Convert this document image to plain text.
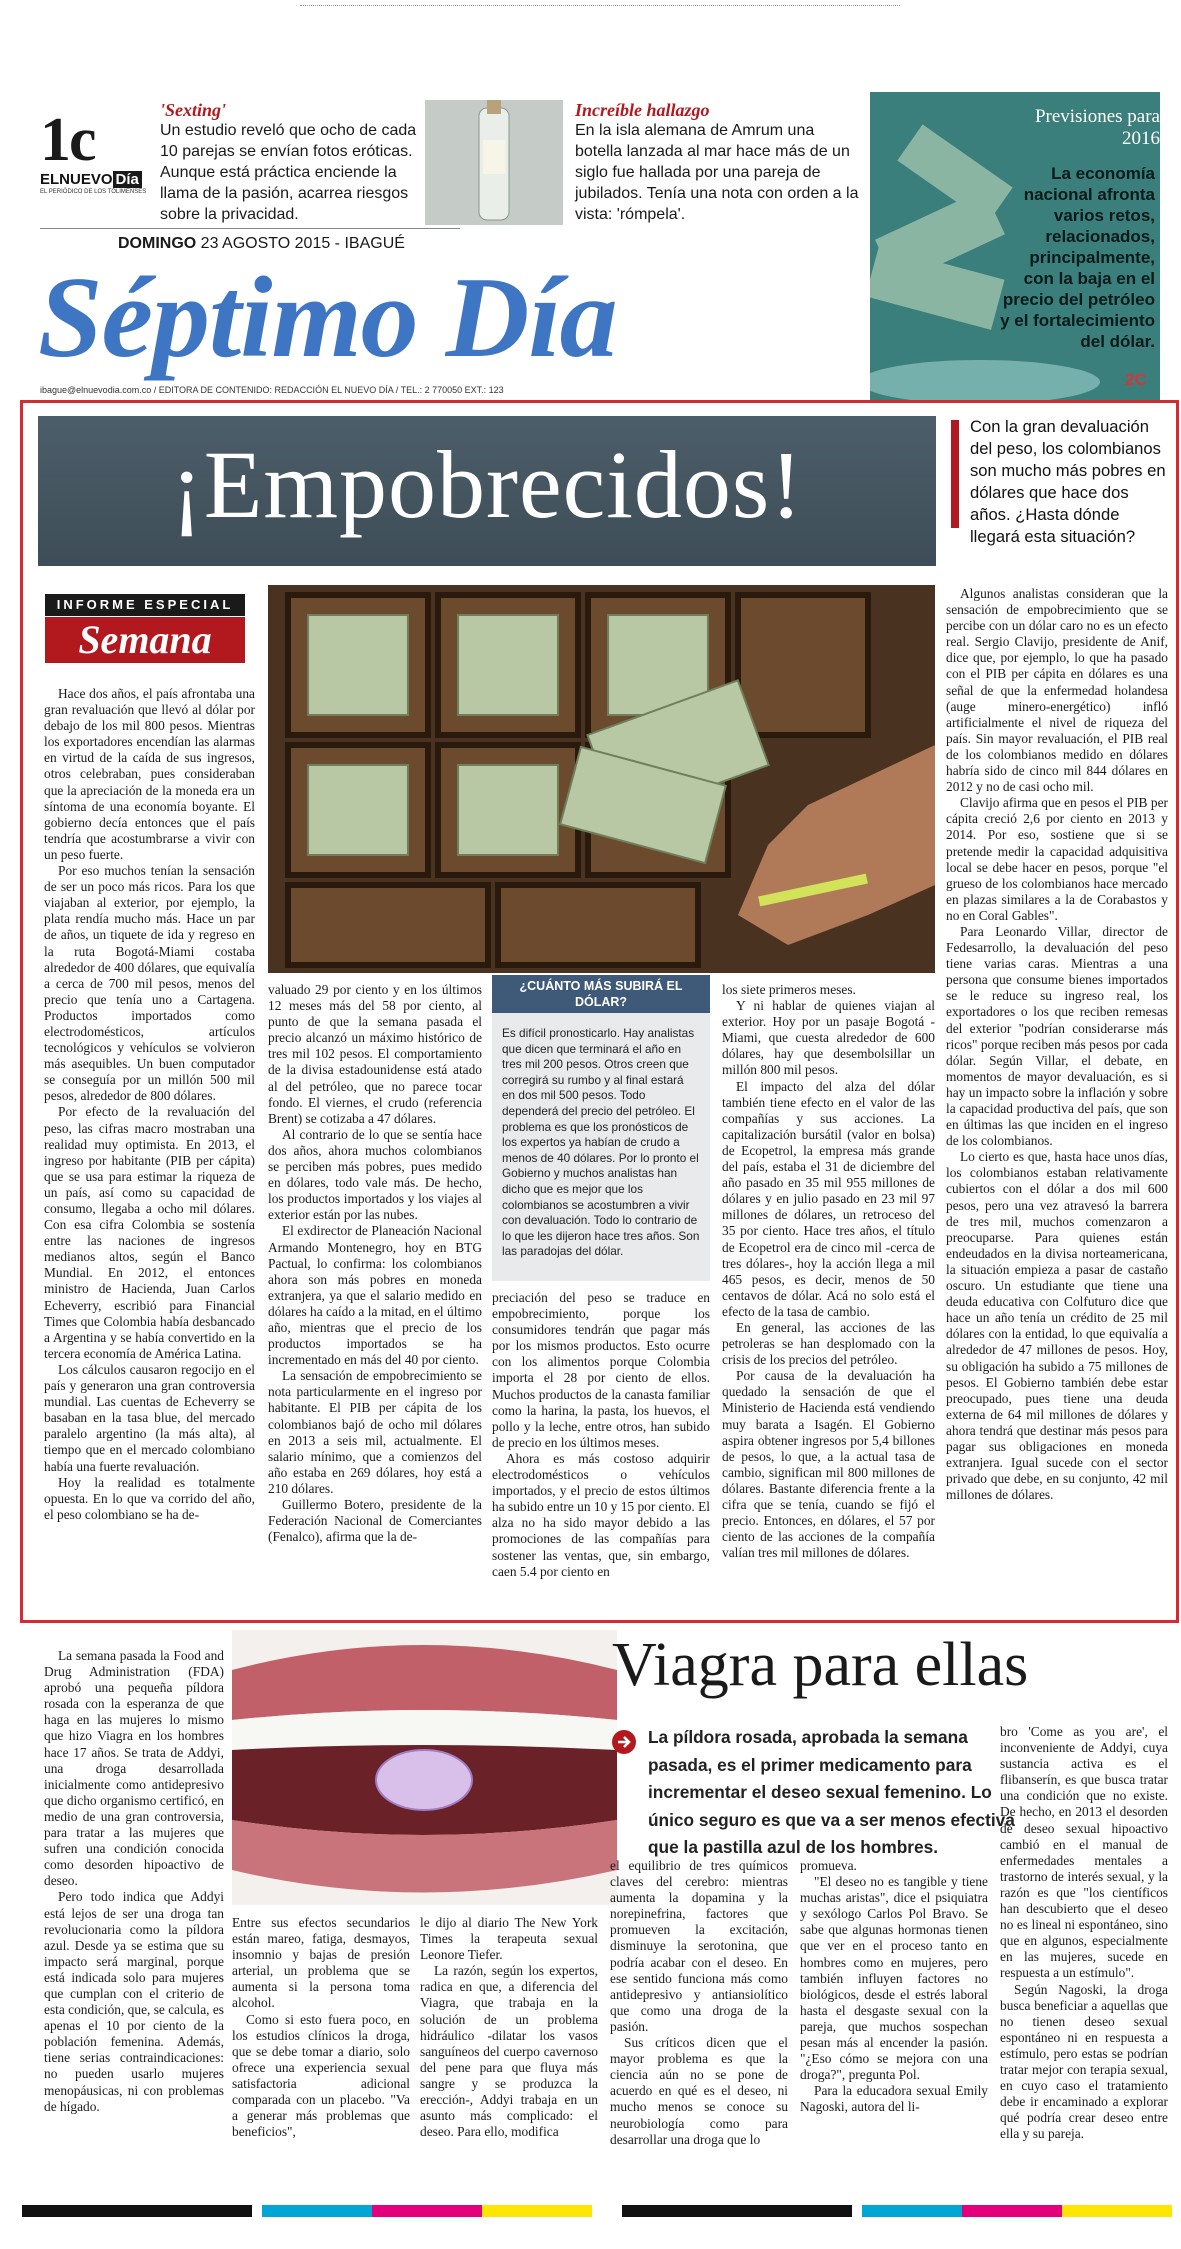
1c
ELNUEVO Día
EL PERIÓDICO DE LOS TOLIMENSES
'Sexting'
Un estudio reveló que ocho de cada 10 parejas se envían fotos eróticas. Aunque está práctica enciende la llama de la pasión, acarrea riesgos sobre la privacidad.
Increíble hallazgo
En la isla alemana de Amrum una botella lanzada al mar hace más de un siglo fue hallada por una pareja de jubilados. Tenía una nota con orden a la vista: 'rómpela'.
DOMINGO 23 AGOSTO 2015 - IBAGUÉ
Séptimo Día
ibague@elnuevodia.com.co / EDITORA DE CONTENIDO: REDACCIÓN EL NUEVO DÍA / TEL.: 2 770050 EXT.: 123
Previsiones para 2016
La economía nacional afronta varios retos, relacionados, principalmente, con la baja en el precio del petróleo y el fortalecimiento del dólar.
2C
¡Empobrecidos!
Con la gran devaluación del peso, los colombianos son mucho más pobres en dólares que hace dos años. ¿Hasta dónde llegará esta situación?
INFORME ESPECIAL
Semana
¿CUÁNTO MÁS SUBIRÁ EL DÓLAR?
Es difícil pronosticarlo. Hay analistas que dicen que terminará el año en tres mil 200 pesos. Otros creen que corregirá su rumbo y al final estará en dos mil 500 pesos. Todo dependerá del precio del petróleo. El problema es que los pronósticos de los expertos ya habían de crudo a menos de 40 dólares. Por lo pronto el Gobierno y muchos analistas han dicho que es mejor que los colombianos se acostumbren a vivir con devaluación. Todo lo contrario de lo que les dijeron hace tres años. Son las paradojas del dólar.

Hace dos años, el país afrontaba una gran revaluación que llevó al dólar por debajo de los mil 800 pesos. Mientras los exportadores encendían las alarmas en virtud de la caída de sus ingresos, otros celebraban, pues consideraban que la apreciación de la moneda era un síntoma de una economía boyante. El gobierno decía entonces que el país tendría que acostumbrarse a vivir con un peso fuerte.

Por eso muchos tenían la sensación de ser un poco más ricos. Para los que viajaban al exterior, por ejemplo, la plata rendía mucho más. Hace un par de años, un tiquete de ida y regreso en la ruta Bogotá-Miami costaba alrededor de 400 dólares, que equivalía a cerca de 700 mil pesos, menos del precio que tenía uno a Cartagena. Productos importados como electrodomésticos, artículos tecnológicos y vehículos se volvieron más asequibles. Un buen computador se conseguía por un millón 500 mil pesos, alrededor de 800 dólares.

Por efecto de la revaluación del peso, las cifras macro mostraban una realidad muy optimista. En 2013, el ingreso por habitante (PIB per cápita) que se usa para estimar la riqueza de un país, así como su capacidad de consumo, llegaba a ocho mil dólares. Con esa cifra Colombia se sostenía entre las naciones de ingresos medianos altos, según el Banco Mundial. En 2012, el entonces ministro de Hacienda, Juan Carlos Echeverry, escribió para Financial Times que Colombia había desbancado a Argentina y se había convertido en la tercera economía de América Latina.

Los cálculos causaron regocijo en el país y generaron una gran controversia mundial. Las cuentas de Echeverry se basaban en la tasa blue, del mercado paralelo argentino (la más alta), al tiempo que en el mercado colombiano había una fuerte revaluación.

Hoy la realidad es totalmente opuesta. En lo que va corrido del año, el peso colombiano se ha de-

valuado 29 por ciento y en los últimos 12 meses más del 58 por ciento, al punto de que la semana pasada el precio alcanzó un máximo histórico de tres mil 102 pesos. El comportamiento de la divisa estadounidense está atado al del petróleo, que no parece tocar fondo. El viernes, el crudo (referencia Brent) se cotizaba a 47 dólares.

Al contrario de lo que se sentía hace dos años, ahora muchos colombianos se perciben más pobres, pues medido en dólares, todo vale más. De hecho, los productos importados y los viajes al exterior están por las nubes.

El exdirector de Planeación Nacional Armando Montenegro, hoy en BTG Pactual, lo confirma: los colombianos ahora son más pobres en moneda extranjera, ya que el salario medido en dólares ha caído a la mitad, en el último año, mientras que el precio de los productos importados se ha incrementado en más del 40 por ciento.

La sensación de empobrecimiento se nota particularmente en el ingreso por habitante. El PIB per cápita de los colombianos bajó de ocho mil dólares en 2013 a seis mil, actualmente. El salario mínimo, que a comienzos del año estaba en 269 dólares, hoy está a 210 dólares.

Guillermo Botero, presidente de la Federación Nacional de Comerciantes (Fenalco), afirma que la de-

preciación del peso se traduce en empobrecimiento, porque los consumidores tendrán que pagar más por los mismos productos. Esto ocurre con los alimentos porque Colombia importa el 28 por ciento de ellos. Muchos productos de la canasta familiar como la harina, la pasta, los huevos, el pollo y la leche, entre otros, han subido de precio en los últimos meses.

Ahora es más costoso adquirir electrodomésticos o vehículos importados, y el precio de estos últimos ha subido entre un 10 y 15 por ciento. El alza no ha sido mayor debido a las promociones de las compañías para sostener las ventas, que, sin embargo, caen 5.4 por ciento en

los siete primeros meses.

Y ni hablar de quienes viajan al exterior. Hoy por un pasaje Bogotá - Miami, que cuesta alrededor de 600 dólares, hay que desembolsillar un millón 800 mil pesos.

El impacto del alza del dólar también tiene efecto en el valor de las compañías y sus acciones. La capitalización bursátil (valor en bolsa) de Ecopetrol, la empresa más grande del país, estaba el 31 de diciembre del año pasado en 35 mil 955 millones de dólares y en julio pasado en 23 mil 97 millones de dólares, un retroceso del 35 por ciento. Hace tres años, el título de Ecopetrol era de cinco mil -cerca de tres dólares-, hoy la acción llega a mil 465 pesos, es decir, menos de 50 centavos de dólar. Acá no solo está el efecto de la tasa de cambio.

En general, las acciones de las petroleras se han desplomado con la crisis de los precios del petróleo.

Por causa de la devaluación ha quedado la sensación de que el Ministerio de Hacienda está vendiendo muy barata a Isagén. El Gobierno aspira obtener ingresos por 5,4 billones de pesos, lo que, a la actual tasa de cambio, significan mil 800 millones de dólares. Bastante diferencia frente a la cifra que se tenía, cuando se fijó el precio. Entonces, en dólares, el 57 por ciento de las acciones de la compañía valían tres mil millones de dólares.

Algunos analistas consideran que la sensación de empobrecimiento que se percibe con un dólar caro no es un efecto real. Sergio Clavijo, presidente de Anif, dice que, por ejemplo, lo que ha pasado con el PIB per cápita en dólares es una señal de que la enfermedad holandesa (auge minero-energético) infló artificialmente el nivel de riqueza del país. Sin mayor revaluación, el PIB real de los colombianos medido en dólares habría sido de cinco mil 844 dólares en 2012 y no de casi ocho mil.

Clavijo afirma que en pesos el PIB per cápita creció 2,6 por ciento en 2013 y 2014. Por eso, sostiene que si se pretende medir la capacidad adquisitiva local se debe hacer en pesos, porque "el grueso de los colombianos hace mercado en plazas similares a la de Corabastos y no en Coral Gables".

Para Leonardo Villar, director de Fedesarrollo, la devaluación del peso tiene varias caras. Mientras a una persona que consume bienes importados se le reduce su ingreso real, los exportadores o los que reciben remesas del exterior "podrían considerarse más ricos" porque reciben más pesos por cada dólar. Según Villar, el debate, en momentos de mayor devaluación, es si hay un impacto sobre la inflación y sobre la capacidad productiva del país, que son en últimas las que inciden en el ingreso de los colombianos.

Lo cierto es que, hasta hace unos días, los colombianos estaban relativamente cubiertos con el dólar a dos mil 600 pesos, pero una vez atravesó la barrera de tres mil, muchos comenzaron a preocuparse. Para quienes están endeudados en la divisa norteamericana, la situación empieza a pasar de castaño oscuro. Un estudiante que tiene una deuda educativa con Colfuturo dice que hace un año tenía un crédito de 25 mil dólares con la entidad, lo que equivalía a alrededor de 47 millones de pesos. Hoy, su obligación ha subido a 75 millones de pesos. El Gobierno también debe estar preocupado, pues tiene una deuda externa de 64 mil millones de dólares y ahora tendrá que destinar más pesos para pagar sus obligaciones en moneda extranjera. Igual sucede con el sector privado que debe, en su conjunto, 42 mil millones de dólares.

Viagra para ellas
La píldora rosada, aprobada la semana pasada, es el primer medicamento para incrementar el deseo sexual femenino. Lo único seguro es que va a ser menos efectiva que la pastilla azul de los hombres.

La semana pasada la Food and Drug Administration (FDA) aprobó una pequeña píldora rosada con la esperanza de que haga en las mujeres lo mismo que hizo Viagra en los hombres hace 17 años. Se trata de Addyi, una droga desarrollada inicialmente como antidepresivo que dicho organismo certificó, en medio de una gran controversia, para tratar a las mujeres que sufren una condición conocida como desorden hipoactivo de deseo.

Pero todo indica que Addyi está lejos de ser una droga tan revolucionaria como la píldora azul. Desde ya se estima que su impacto será marginal, porque está indicada solo para mujeres que cumplan con el criterio de esta condición, que, se calcula, es apenas el 10 por ciento de la población femenina. Además, tiene serias contraindicaciones: no pueden usarlo mujeres menopáusicas, ni con problemas de hígado.

Entre sus efectos secundarios están mareo, fatiga, desmayos, insomnio y bajas de presión arterial, un problema que se aumenta si la persona toma alcohol.

Como si esto fuera poco, en los estudios clínicos la droga, que se debe tomar a diario, solo ofrece una experiencia sexual satisfactoria adicional comparada con un placebo. "Va a generar más problemas que beneficios",

le dijo al diario The New York Times la terapeuta sexual Leonore Tiefer.

La razón, según los expertos, radica en que, a diferencia del Viagra, que trabaja en la solución de un problema hidráulico -dilatar los vasos sanguíneos del cuerpo cavernoso del pene para que fluya más sangre y se produzca la erección-, Addyi trabaja en un asunto más complicado: el deseo. Para ello, modifica

el equilibrio de tres químicos claves del cerebro: mientras aumenta la dopamina y la norepinefrina, factores que promueven la excitación, disminuye la serotonina, que podría acabar con el deseo. En ese sentido funciona más como antidepresivo y antiansiolítico que como una droga de la pasión.

Sus críticos dicen que el mayor problema es que la ciencia aún no se pone de acuerdo en qué es el deseo, ni mucho menos se conoce su neurobiología como para desarrollar una droga que lo

promueva.

"El deseo no es tangible y tiene muchas aristas", dice el psiquiatra y sexólogo Carlos Pol Bravo. Se sabe que algunas hormonas tienen que ver en el proceso tanto en hombres como en mujeres, pero también influyen factores no biológicos, desde el estrés laboral hasta el desgaste sexual con la pareja, que muchos sospechan pesan más al encender la pasión. "¿Eso cómo se mejora con una droga?", pregunta Pol.

Para la educadora sexual Emily Nagoski, autora del li-

bro 'Come as you are', el inconveniente de Addyi, cuya sustancia activa es el flibanserín, es que busca tratar una condición que no existe. De hecho, en 2013 el desorden de deseo sexual hipoactivo cambió en el manual de enfermedades mentales a trastorno de interés sexual, y la razón es que "los científicos han descubierto que el deseo no es lineal ni espontáneo, sino que en algunos, especialmente en las mujeres, sucede en respuesta a un estímulo".

Según Nagoski, la droga busca beneficiar a aquellas que no tienen deseo sexual espontáneo ni en respuesta a estímulo, pero estas se podrían tratar mejor con terapia sexual, en cuyo caso el tratamiento debe ir encaminado a explorar qué podría crear deseo entre ella y su pareja.
